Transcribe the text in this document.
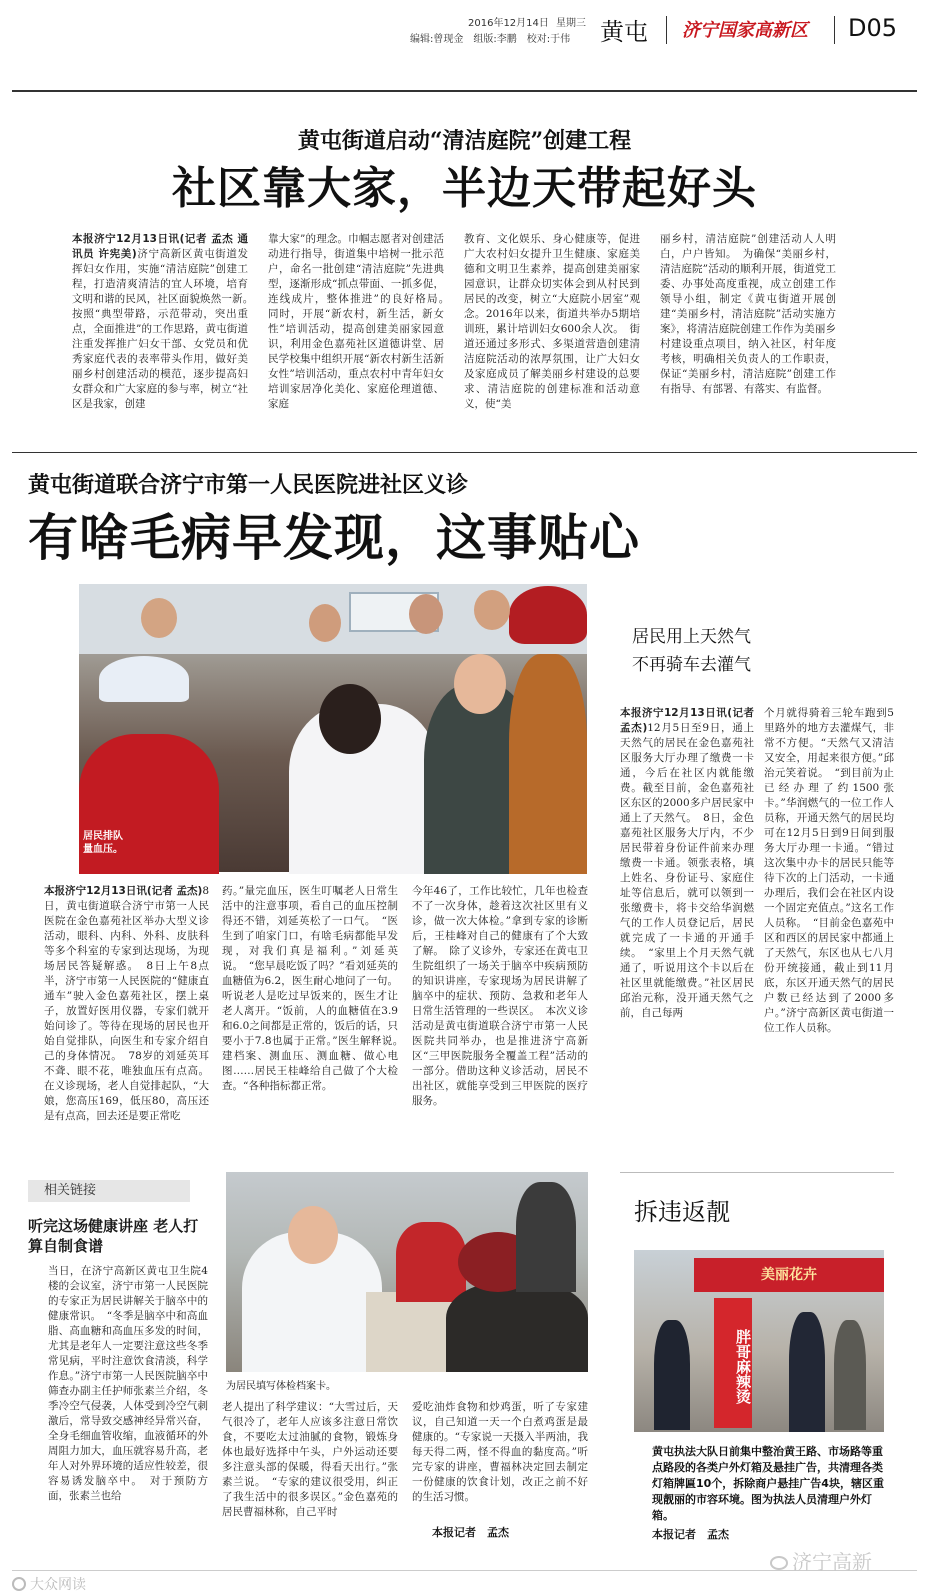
2016年12月14日 星期三
编辑:曾现金　组版:李鹏　校对:于伟 黄屯 济宁国家高新区 D05
黄屯街道启动“清洁庭院”创建工程
社区靠大家，半边天带起好头
本报济宁12月13日讯(记者 孟杰 通讯员 许宪美)济宁高新区黄屯街道发挥妇女作用，实施“清洁庭院”创建工程，打造清爽清洁的宜人环境，培育文明和谐的民风，社区面貌焕然一新。　按照“典型带路，示范带动，突出重点，全面推进”的工作思路，黄屯街道注重发挥推广妇女干部、女党员和优秀家庭代表的表率带头作用，做好美丽乡村创建活动的模范，逐步提高妇女群众和广大家庭的参与率，树立“社区是我家，创建
靠大家”的理念。巾帼志愿者对创建活动进行指导，街道集中培树一批示范户，命名一批创建“清洁庭院”先进典型，逐渐形成“抓点带面、一抓多促，连线成片，整体推进”的良好格局。　同时，开展“新农村，新生活，新女性”培训活动，提高创建美丽家园意识，利用金色嘉苑社区道德讲堂、居民学校集中组织开展“新农村新生活新女性”培训活动，重点农村中青年妇女培训家居净化美化、家庭伦理道德、家庭
教育、文化娱乐、身心健康等，促进广大农村妇女提升卫生健康、家庭美德和文明卫生素养，提高创建美丽家园意识，让群众切实体会到从村民到居民的改变，树立“大庭院小居室”观念。2016年以来，街道共举办5期培训班，累计培训妇女600余人次。　街道还通过多形式、多渠道营造创建清洁庭院活动的浓厚氛围，让广大妇女及家庭成员了解美丽乡村建设的总要求、清洁庭院的创建标准和活动意义，使“美
丽乡村，清洁庭院”创建活动人人明白，户户皆知。　为确保“美丽乡村，清洁庭院”活动的顺利开展，街道党工委、办事处高度重视，成立创建工作领导小组，制定《黄屯街道开展创建“美丽乡村，清洁庭院”活动实施方案》，将清洁庭院创建工作作为美丽乡村建设重点项目，纳入社区，村年度考核，明确相关负责人的工作职责，保证“美丽乡村，清洁庭院”创建工作有指导、有部署、有落实、有监督。
黄屯街道联合济宁市第一人民医院进社区义诊
有啥毛病早发现，这事贴心
居民排队量血压。
本报济宁12月13日讯(记者 孟杰)8日，黄屯街道联合济宁市第一人民医院在金色嘉苑社区举办大型义诊活动，眼科、内科、外科、皮肤科等多个科室的专家到达现场，为现场居民答疑解惑。　8日上午8点半，济宁市第一人民医院的“健康直通车”驶入金色嘉苑社区，摆上桌子，放置好医用仪器，专家们就开始问诊了。等待在现场的居民也开始自觉排队，向医生和专家介绍自己的身体情况。　78岁的刘延英耳不聋、眼不花，唯独血压有点高。在义诊现场，老人自觉排起队，“大娘，您高压169，低压80，高压还是有点高，回去还是要正常吃
药。”量完血压，医生叮嘱老人日常生活中的注意事项，看自己的血压控制得还不错，刘延英松了一口气。　“医生到了咱家门口，有啥毛病都能早发现，对我们真是福利。”刘延英说。　“您早晨吃饭了吗？”看刘延英的血糖值为6.2，医生耐心地问了一句。听说老人是吃过早饭来的，医生才让老人离开。“饭前，人的血糖值在3.9和6.0之间都是正常的，饭后的话，只要小于7.8也属于正常。”医生解释说。　建档案、测血压、测血糖、做心电图……居民王桂峰给自己做了个大检查。“各种指标都正常。
今年46了，工作比较忙，几年也检查不了一次身体，趁着这次社区里有义诊，做一次大体检。”拿到专家的诊断后，王桂峰对自己的健康有了个大致了解。　除了义诊外，专家还在黄屯卫生院组织了一场关于脑卒中疾病预防的知识讲座，专家现场为居民讲解了脑卒中的症状、预防、急救和老年人日常生活管理的一些误区。　本次义诊活动是黄屯街道联合济宁市第一人民医院共同举办，也是推进济宁高新区“三甲医院服务全覆盖工程”活动的一部分。借助这种义诊活动，居民不出社区，就能享受到三甲医院的医疗服务。
相关链接
听完这场健康讲座 老人打算自制食谱
当日，在济宁高新区黄屯卫生院4楼的会议室，济宁市第一人民医院的专家正为居民讲解关于脑卒中的健康常识。　“冬季是脑卒中和高血脂、高血糖和高血压多发的时间，尤其是老年人一定要注意这些冬季常见病，平时注意饮食清淡，科学作息。”济宁市第一人民医院脑卒中筛查办副主任护师张素兰介绍，冬季冷空气侵袭，人体受到冷空气刺激后，常导致交感神经异常兴奋，全身毛细血管收缩，血液循环的外周阻力加大，血压就容易升高，老年人对外界环境的适应性较差，很容易诱发脑卒中。　对于预防方面，张素兰也给
为居民填写体检档案卡。
老人提出了科学建议：“大雪过后，天气很冷了，老年人应该多注意日常饮食，不要吃太过油腻的食物，锻炼身体也最好选择中午头，户外运动还要多注意头部的保暖，得看天出行。”张素兰说。　“专家的建议很受用，纠正了我生活中的很多误区。”金色嘉苑的居民曹福林称，自己平时
爱吃油炸食物和炒鸡蛋，听了专家建议，自己知道一天一个白煮鸡蛋是最健康的。“专家说一天摄入半两油，我每天得二两，怪不得血的黏度高。”听完专家的讲座，曹福林决定回去制定一份健康的饮食计划，改正之前不好的生活习惯。
本报记者　孟杰
居民用上天然气
不再骑车去灌气
本报济宁12月13日讯(记者 孟杰)12月5日至9日，通上天然气的居民在金色嘉苑社区服务大厅办理了缴费一卡通，今后在社区内就能缴费。截至目前，金色嘉苑社区东区的2000多户居民家中通上了天然气。　8日，金色嘉苑社区服务大厅内，不少居民带着身份证件前来办理缴费一卡通。领张表格，填上姓名、身份证号、家庭住址等信息后，就可以领到一张缴费卡，将卡交给华润燃气的工作人员登记后，居民就完成了一卡通的开通手续。　“家里上个月天然气就通了，听说用这个卡以后在社区里就能缴费。”社区居民邱治元称，没开通天然气之前，自己每两
个月就得骑着三轮车跑到5里路外的地方去灌煤气，非常不方便。“天然气又清洁又安全，用起来很方便。”邱治元笑着说。　“到目前为止已经办理了约1500张卡。”华润燃气的一位工作人员称，开通天然气的居民均可在12月5日到9日间到服务大厅办理一卡通。“错过这次集中办卡的居民只能等待下次的上门活动，一卡通办理后，我们会在社区内设一个固定充值点。”这名工作人员称。　“目前金色嘉苑中区和西区的居民家中都通上了天然气，东区也从七八月份开统接通，截止到11月底，东区开通天然气的居民户数已经达到了2000多户。”济宁高新区黄屯街道一位工作人员称。
拆违返靓
美丽花卉
胖哥麻辣烫
黄屯执法大队日前集中整治黄王路、市场路等重点路段的各类户外灯箱及悬挂广告，共清理各类灯箱牌匾10个，拆除商户悬挂广告4块，辖区重现靓丽的市容环境。图为执法人员清理户外灯箱。
本报记者　孟杰
大众网读
济宁高新
